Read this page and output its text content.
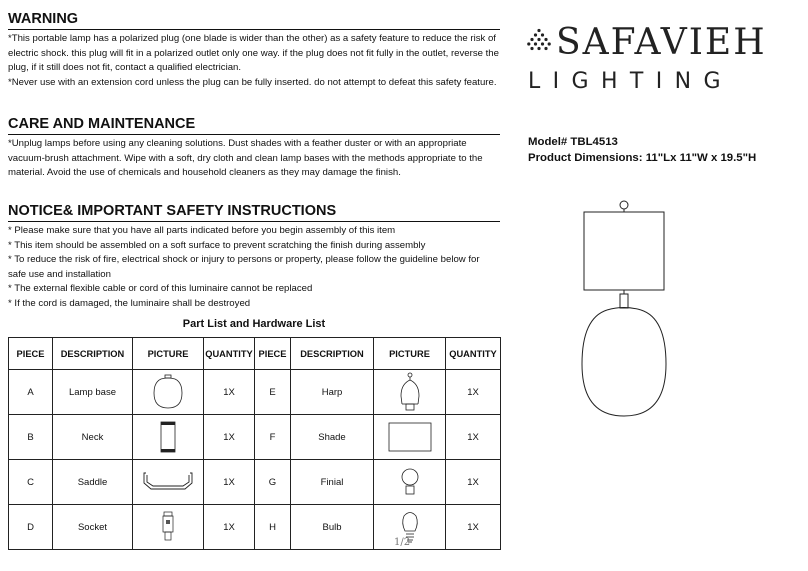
WARNING
*This portable lamp has a polarized plug (one blade is wider than the other) as a safety feature to reduce the risk of electric shock. this plug will fit in a polarized outlet only one way. if the plug does not fit fully in the outlet, reverse the plug, if it still does not fit, contact a qualified electrician.
*Never use with an extension cord unless the plug can be fully inserted. do not attempt to defeat this safety feature.
CARE AND MAINTENANCE
*Unplug lamps before using any cleaning solutions. Dust shades with a feather duster or with an appropriate vacuum-brush attachment. Wipe with a soft, dry cloth and clean lamp bases with the methods appropriate to the material. Avoid the use of chemicals and household cleaners as they may damage the finish.
NOTICE& IMPORTANT SAFETY INSTRUCTIONS
* Please make sure that you have all parts indicated before you begin assembly of this item
* This item should be assembled on a soft surface to prevent scratching the finish during assembly
* To reduce the risk of fire, electrical shock or injury to persons or property, please follow the guideline below for safe use and installation
* The external flexible cable or cord of this luminaire cannot be replaced
* If the cord is damaged, the luminaire shall be destroyed
SAFAVIEH
LIGHTING
Model# TBL4513
Product Dimensions: 11"Lx 11"W x 19.5"H
Part List and Hardware List
PIECE	DESCRIPTION	PICTURE	QUANTITY	PIECE	DESCRIPTION	PICTURE	QUANTITY
A	Lamp base		1X	E	Harp		1X
B	Neck		1X	F	Shade		1X
C	Saddle		1X	G	Finial		1X
D	Socket		1X	H	Bulb		1X
1/2
